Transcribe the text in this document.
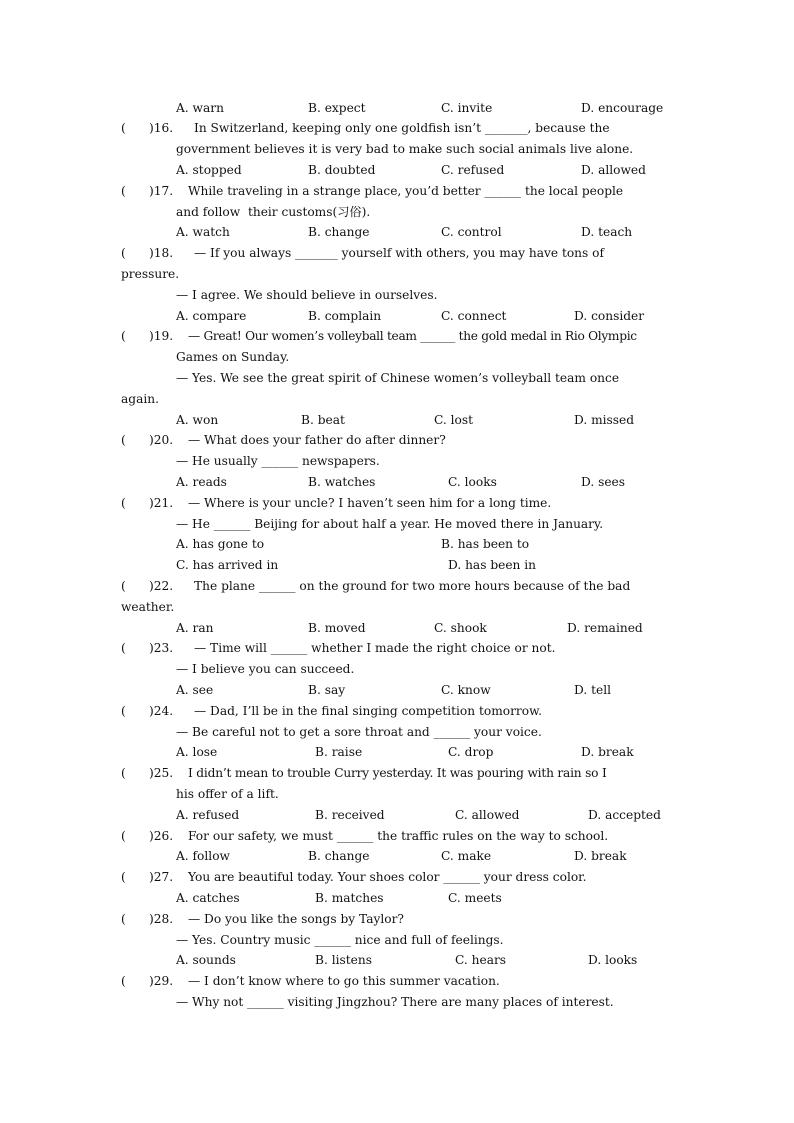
A. warn	B. expect	C. invite	D. encourage
(      )16. In Switzerland, keeping only one goldfish isn’t _______, because the
government believes it is very bad to make such social animals live alone.
A. stopped	B. doubted	C. refused	D. allowed
(      )17. While traveling in a strange place, you’d better ______ the local people
and follow  their customs(习俗).
A. watch	B. change	C. control	D. teach
(      )18. — If you always _______ yourself with others, you may have tons of
pressure.
— I agree. We should believe in ourselves.
A. compare	B. complain	C. connect	D. consider
(      )19. — Great! Our women’s volleyball team ______ the gold medal in Rio Olympic
Games on Sunday.
— Yes. We see the great spirit of Chinese women’s volleyball team once
again.
A. won	B. beat	C. lost	D. missed
(      )20. — What does your father do after dinner?
— He usually ______ newspapers.
A. reads	B. watches	C. looks	D. sees
(      )21. — Where is your uncle? I haven’t seen him for a long time.
— He ______ Beijing for about half a year. He moved there in January.
A. has gone to	B. has been to
C. has arrived in	D. has been in
(      )22. The plane ______ on the ground for two more hours because of the bad
weather.
A. ran	B. moved	C. shook	D. remained
(      )23. — Time will ______ whether I made the right choice or not.
— I believe you can succeed.
A. see	B. say	C. know	D. tell
(      )24. — Dad, I’ll be in the final singing competition tomorrow.
— Be careful not to get a sore throat and ______ your voice.
A. lose	B. raise	C. drop	D. break
(      )25. I didn’t mean to trouble Curry yesterday. It was pouring with rain so I
his offer of a lift.
A. refused	B. received	C. allowed	D. accepted
(      )26. For our safety, we must ______ the traffic rules on the way to school.
A. follow	B. change	C. make	D. break
(      )27. You are beautiful today. Your shoes color ______ your dress color.
A. catches	B. matches	C. meets
(      )28. — Do you like the songs by Taylor?
— Yes. Country music ______ nice and full of feelings.
A. sounds	B. listens	C. hears	D. looks
(      )29. — I don’t know where to go this summer vacation.
— Why not ______ visiting Jingzhou? There are many places of interest.
